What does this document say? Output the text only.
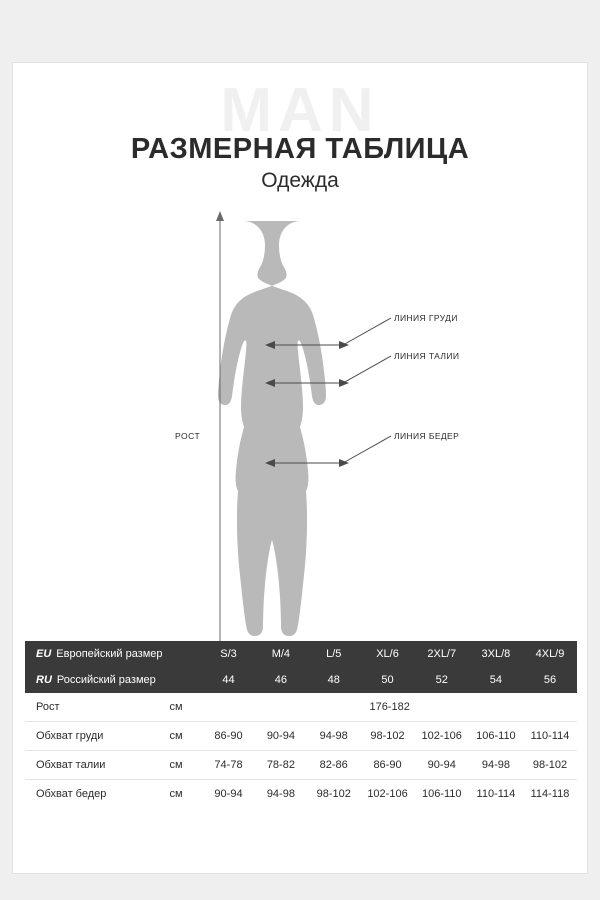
MAN
РАЗМЕРНАЯ ТАБЛИЦА
Одежда
РОСТ
ЛИНИЯ ГРУДИ
ЛИНИЯ ТАЛИИ
ЛИНИЯ БЕДЕР
EU Европейский размер		S/3	M/4	L/5	XL/6	2XL/7	3XL/8	4XL/9
RU Российский размер		44	46	48	50	52	54	56
Рост	см	176-182						
Обхват груди	см	86-90	90-94	94-98	98-102	102-106	106-110	110-114
Обхват талии	см	74-78	78-82	82-86	86-90	90-94	94-98	98-102
Обхват бедер	см	90-94	94-98	98-102	102-106	106-110	110-114	114-118
